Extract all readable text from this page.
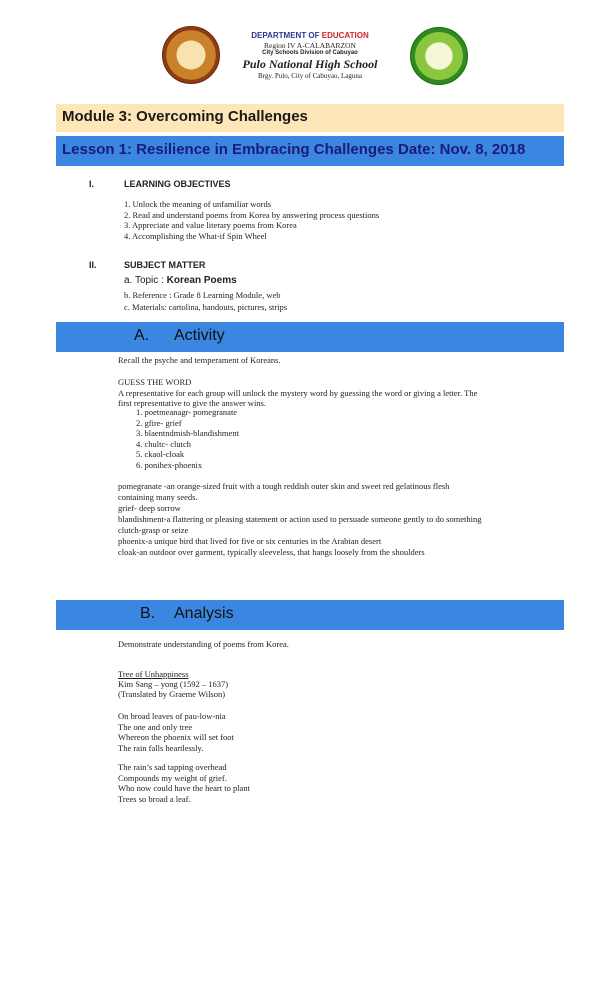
DEPARTMENT OF EDUCATION
Region IV A-CALABARZON
City Schools Division of Cabuyao
Pulo National High School
Brgy. Pulo, City of Cabuyao, Laguna
Module 3: Overcoming Challenges
Lesson 1: Resilience in Embracing Challenges Date: Nov. 8, 2018
I.	LEARNING OBJECTIVES
1. Unlock the meaning of unfamiliar words
2. Read and understand poems from Korea by answering process questions
3. Appreciate and value literary poems from Korea
4. Accomplishing the What-if Spin Wheel
II.	SUBJECT MATTER
a. Topic : Korean Poems
b. Reference : Grade 8 Learning Module, web
c. Materials: cartolina, handouts, pictures, strips
A. Activity
Recall the psyche and temperament of Koreans.
GUESS THE WORD
A representative for each group will unlock the mystery word by guessing the word or giving a letter. The
first representative to give the answer wins.
1. poetmeanagr- pomegranate
2. gfire- grief
3. blaentndmish-blandishment
4. chultc- clutch
5. ckaol-cloak
6. ponihex-phoenix
pomegranate -an orange-sized fruit with a tough reddish outer skin and sweet red gelatinous flesh
containing many seeds.
grief- deep sorrow
blandishment-a flattering or pleasing statement or action used to persuade someone gently to do something
clutch-grasp or seize
phoenix-a unique bird that lived for five or six centuries in the Arabian desert
cloak-an outdoor over garment, typically sleeveless, that hangs loosely from the shoulders
B. Analysis
Demonstrate understanding of poems from Korea.
Tree of Unhappiness
Kim Sang – yong (1592 – 1637)
(Translated by Graeme Wilson)
On broad leaves of pau-low-nia
The one and only tree
Whereon the phoenix will set foot
The rain falls heartlessly.
The rain’s sad tapping overhead
Compounds my weight of grief.
Who now could have the heart to plant
Trees so broad a leaf.
